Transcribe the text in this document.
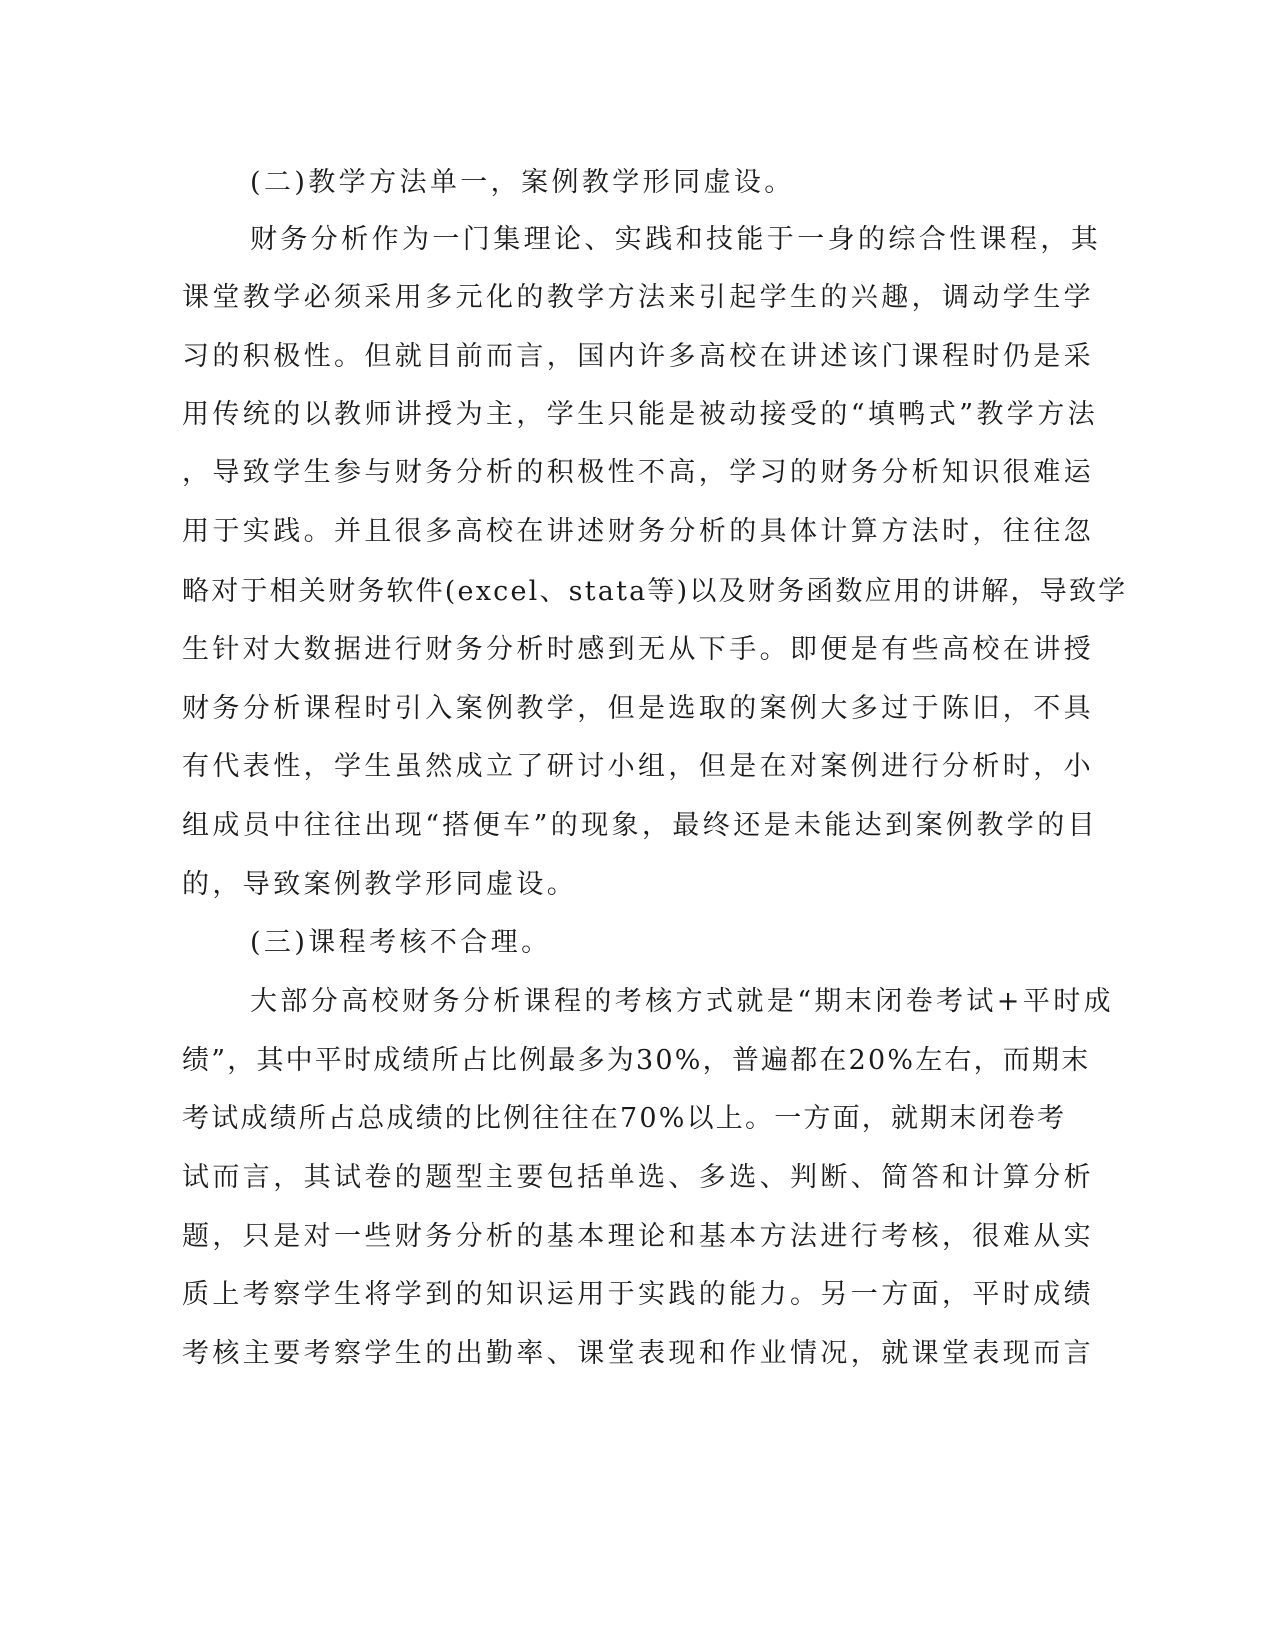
(二)教学方法单一，案例教学形同虚设。
财务分析作为一门集理论、实践和技能于一身的综合性课程，其
课堂教学必须采用多元化的教学方法来引起学生的兴趣，调动学生学
习的积极性。但就目前而言，国内许多高校在讲述该门课程时仍是采
用传统的以教师讲授为主，学生只能是被动接受的“填鸭式”教学方法
，导致学生参与财务分析的积极性不高，学习的财务分析知识很难运
用于实践。并且很多高校在讲述财务分析的具体计算方法时，往往忽
略对于相关财务软件(excel、stata等)以及财务函数应用的讲解，导致学
生针对大数据进行财务分析时感到无从下手。即便是有些高校在讲授
财务分析课程时引入案例教学，但是选取的案例大多过于陈旧，不具
有代表性，学生虽然成立了研讨小组，但是在对案例进行分析时，小
组成员中往往出现“搭便车”的现象，最终还是未能达到案例教学的目
的，导致案例教学形同虚设。
(三)课程考核不合理。
大部分高校财务分析课程的考核方式就是“期末闭卷考试+平时成
绩”，其中平时成绩所占比例最多为30%，普遍都在20%左右，而期末
考试成绩所占总成绩的比例往往在70%以上。一方面，就期末闭卷考
试而言，其试卷的题型主要包括单选、多选、判断、简答和计算分析
题，只是对一些财务分析的基本理论和基本方法进行考核，很难从实
质上考察学生将学到的知识运用于实践的能力。另一方面，平时成绩
考核主要考察学生的出勤率、课堂表现和作业情况，就课堂表现而言
